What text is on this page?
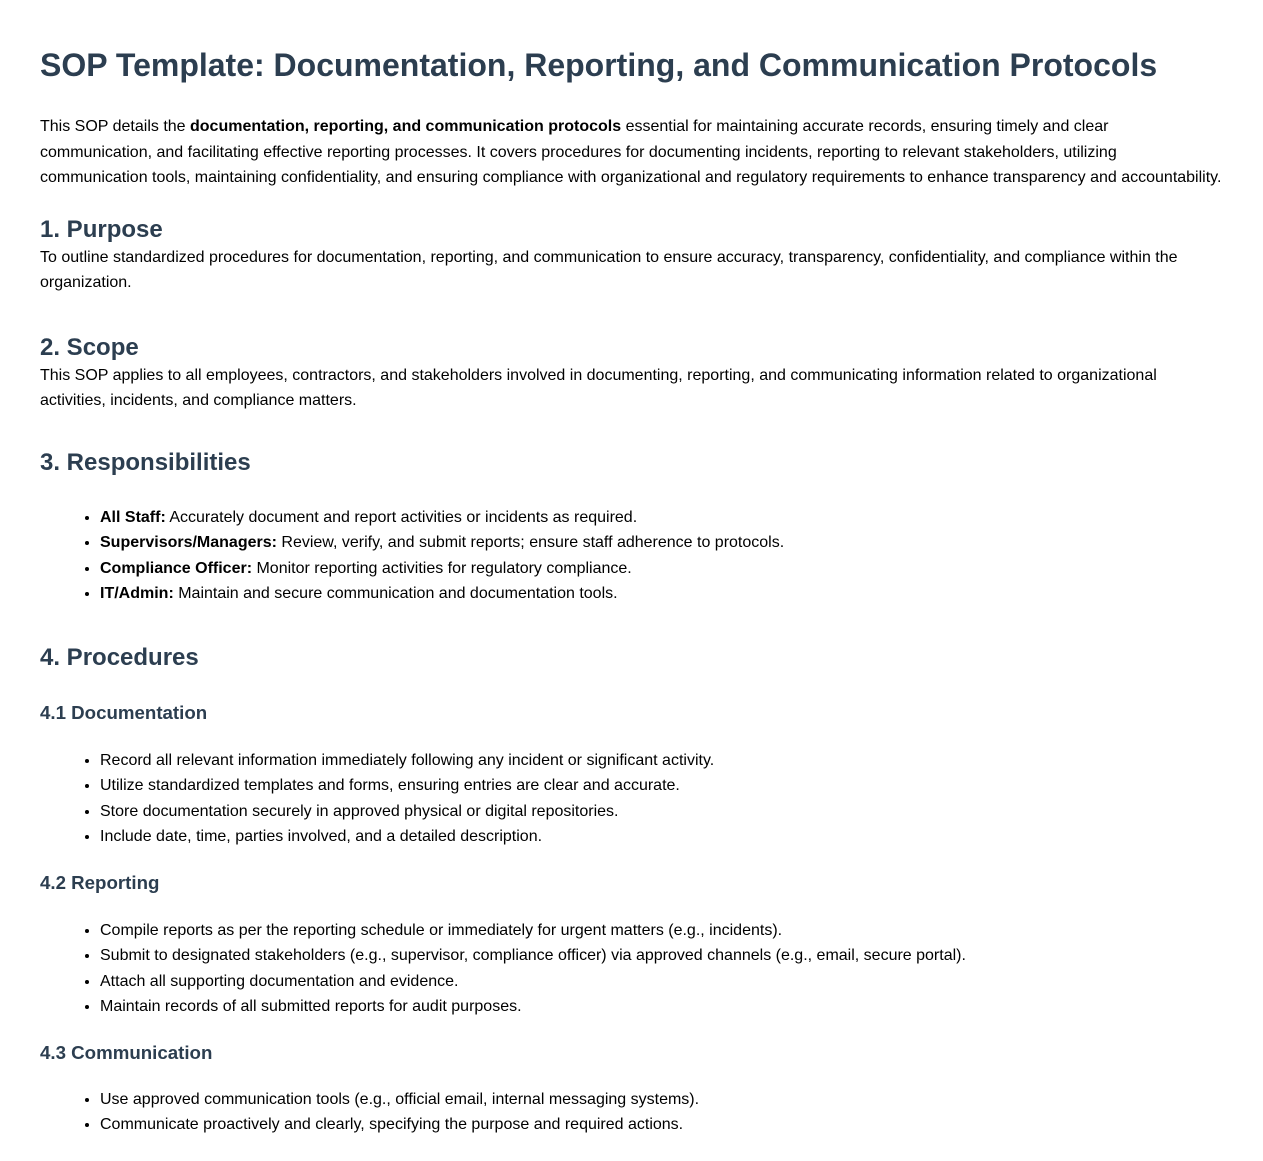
SOP Template: Documentation, Reporting, and Communication Protocols

This SOP details the documentation, reporting, and communication protocols essential for maintaining accurate records, ensuring timely and clear communication, and facilitating effective reporting processes. It covers procedures for documenting incidents, reporting to relevant stakeholders, utilizing communication tools, maintaining confidentiality, and ensuring compliance with organizational and regulatory requirements to enhance transparency and accountability.

1. Purpose

To outline standardized procedures for documentation, reporting, and communication to ensure accuracy, transparency, confidentiality, and compliance within the organization.

2. Scope

This SOP applies to all employees, contractors, and stakeholders involved in documenting, reporting, and communicating information related to organizational activities, incidents, and compliance matters.

3. Responsibilities
• All Staff: Accurately document and report activities or incidents as required.
• Supervisors/Managers: Review, verify, and submit reports; ensure staff adherence to protocols.
• Compliance Officer: Monitor reporting activities for regulatory compliance.
• IT/Admin: Maintain and secure communication and documentation tools.
4. Procedures
4.1 Documentation
• Record all relevant information immediately following any incident or significant activity.
• Utilize standardized templates and forms, ensuring entries are clear and accurate.
• Store documentation securely in approved physical or digital repositories.
• Include date, time, parties involved, and a detailed description.
4.2 Reporting
• Compile reports as per the reporting schedule or immediately for urgent matters (e.g., incidents).
• Submit to designated stakeholders (e.g., supervisor, compliance officer) via approved channels (e.g., email, secure portal).
• Attach all supporting documentation and evidence.
• Maintain records of all submitted reports for audit purposes.
4.3 Communication
• Use approved communication tools (e.g., official email, internal messaging systems).
• Communicate proactively and clearly, specifying the purpose and required actions.
